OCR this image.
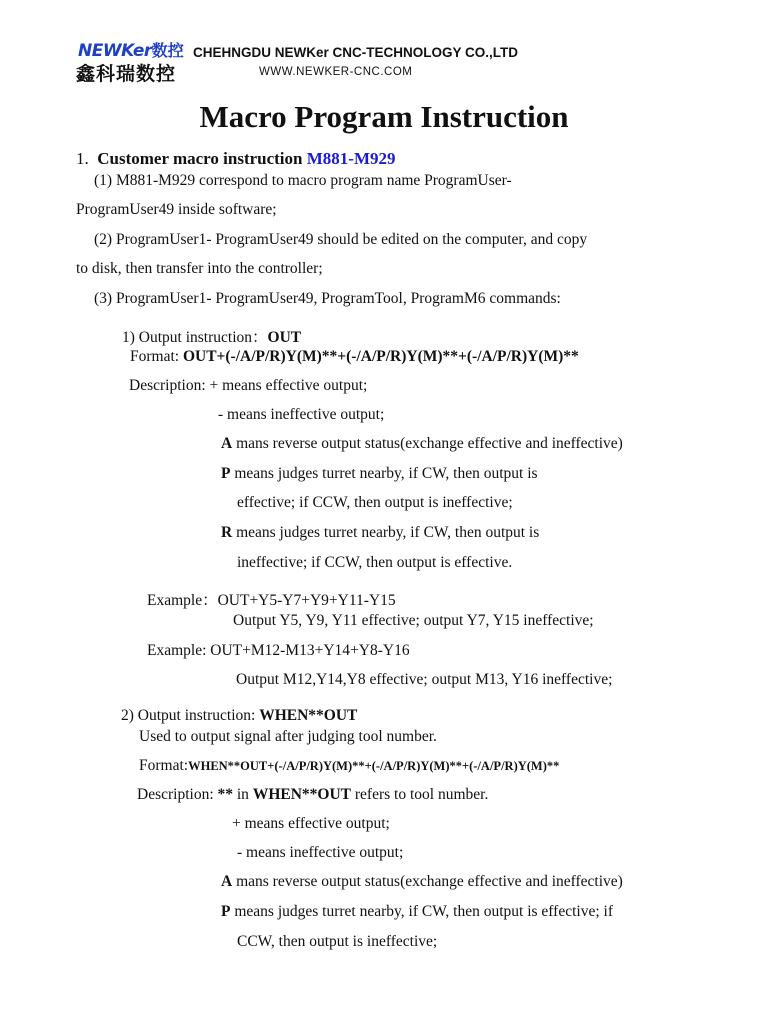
NEWKer数控
鑫科瑞数控
CHEHNGDU NEWKer CNC-TECHNOLOGY CO.,LTD
WWW.NEWKER-CNC.COM
Macro Program Instruction
1. Customer macro instruction M881-M929
(1) M881-M929 correspond to macro program name ProgramUser-
ProgramUser49 inside software;
(2) ProgramUser1- ProgramUser49 should be edited on the computer, and copy
to disk, then transfer into the controller;
(3) ProgramUser1- ProgramUser49, ProgramTool, ProgramM6 commands:
1) Output instruction：OUT
Format: OUT+(-/A/P/R)Y(M)**+(-/A/P/R)Y(M)**+(-/A/P/R)Y(M)**
Description: + means effective output;
- means ineffective output;
A mans reverse output status(exchange effective and ineffective)
P means judges turret nearby, if CW, then output is
effective; if CCW, then output is ineffective;
R means judges turret nearby, if CW, then output is
ineffective; if CCW, then output is effective.
Example：OUT+Y5-Y7+Y9+Y11-Y15
Output Y5, Y9, Y11 effective; output Y7, Y15 ineffective;
Example: OUT+M12-M13+Y14+Y8-Y16
Output M12,Y14,Y8 effective; output M13, Y16 ineffective;
2) Output instruction: WHEN**OUT
Used to output signal after judging tool number.
Format:WHEN**OUT+(-/A/P/R)Y(M)**+(-/A/P/R)Y(M)**+(-/A/P/R)Y(M)**
Description: ** in WHEN**OUT refers to tool number.
+ means effective output;
- means ineffective output;
A mans reverse output status(exchange effective and ineffective)
P means judges turret nearby, if CW, then output is effective; if
CCW, then output is ineffective;
